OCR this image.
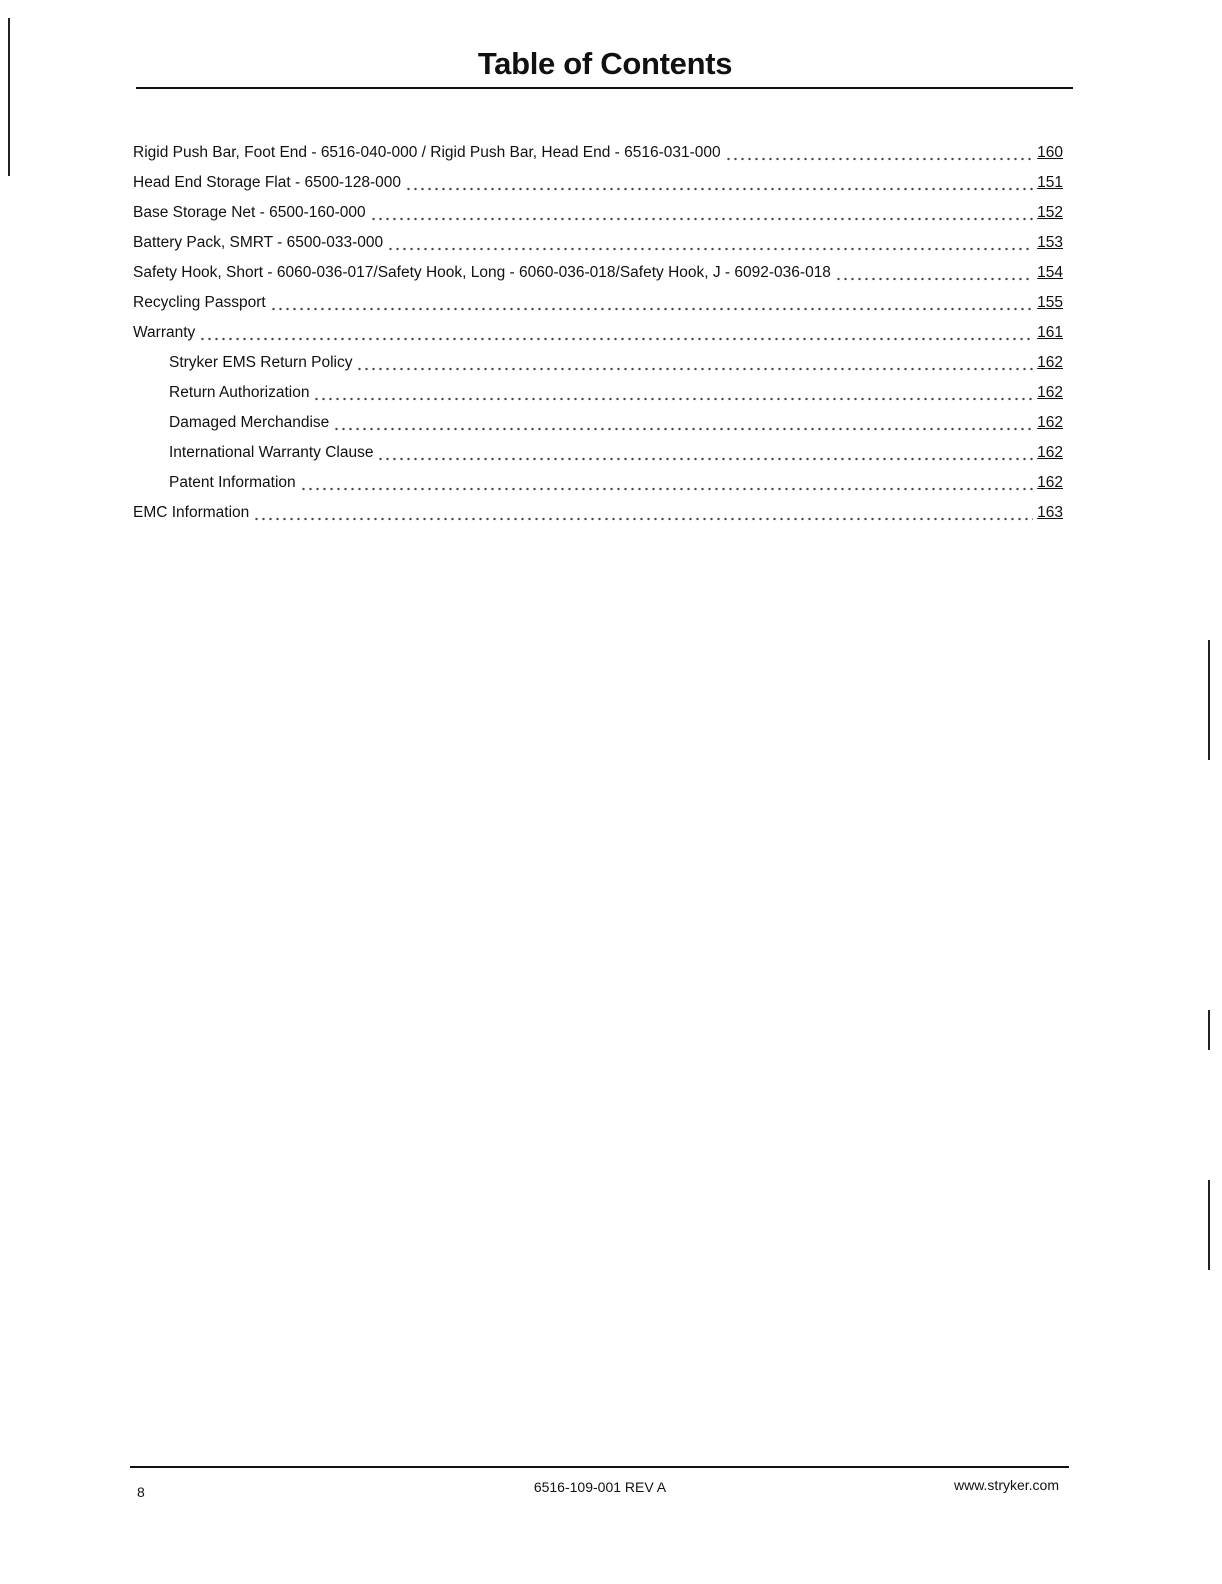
Table of Contents
Rigid Push Bar, Foot End - 6516-040-000 / Rigid Push Bar, Head End - 6516-031-000	160
Head End Storage Flat - 6500-128-000	151
Base Storage Net - 6500-160-000	152
Battery Pack, SMRT - 6500-033-000	153
Safety Hook, Short - 6060-036-017/Safety Hook, Long - 6060-036-018/Safety Hook, J - 6092-036-018	154
Recycling Passport	155
Warranty	161
Stryker EMS Return Policy	162
Return Authorization	162
Damaged Merchandise	162
International Warranty Clause	162
Patent Information	162
EMC Information	163
8	6516-109-001 REV A	www.stryker.com
